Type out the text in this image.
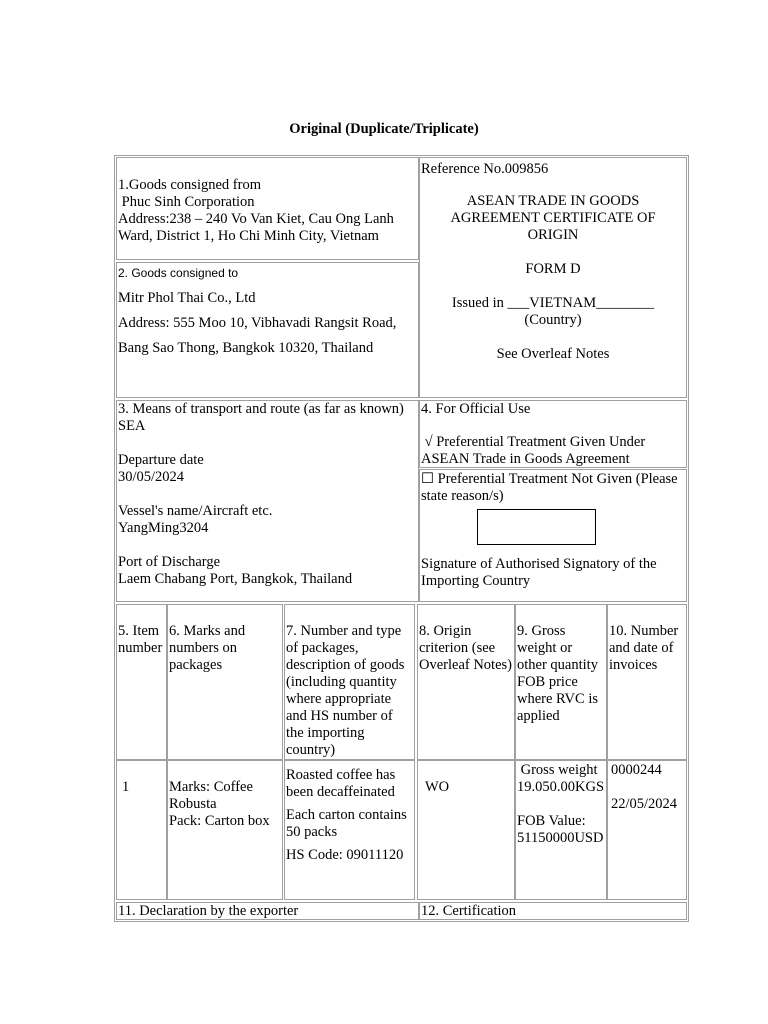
Original (Duplicate/Triplicate)
1.Goods consigned from
Phuc Sinh Corporation
Address:238 – 240 Vo Van Kiet, Cau Ong Lanh Ward, District 1, Ho Chi Minh City, Vietnam

2. Goods consigned to

Mitr Phol Thai Co., Ltd

Address: 555 Moo 10, Vibhavadi Rangsit Road,

Bang Sao Thong, Bangkok 10320, Thailand

Reference No.009856

ASEAN TRADE IN GOODS AGREEMENT CERTIFICATE OF ORIGIN

FORM D

Issued in ___VIETNAM________

(Country)

See Overleaf Notes

3. Means of transport and route (as far as known)
SEA
Departure date
30/05/2024
Vessel's name/Aircraft etc.
YangMing3204
Port of Discharge
Laem Chabang Port, Bangkok, Thailand
4. For Official Use
√ Preferential Treatment Given Under ASEAN Trade in Goods Agreement
☐ Preferential Treatment Not Given (Please state reason/s)
Signature of Authorised Signatory of the Importing Country
5. Item number
6. Marks and numbers on packages
7. Number and type of packages, description of goods (including quantity where appropriate and HS number of the importing country)
8. Origin criterion (see Overleaf Notes)
9. Gross weight or other quantity FOB price where RVC is applied
10. Number and date of invoices
1	Marks: Coffee Robusta
Pack: Carton box
Roasted coffee has been decaffeinated
Each carton contains 50 packs
HS Code: 09011120
WO
Gross weight
19.050.00KGS
FOB Value:
51150000USD
0000244
22/05/2024
11. Declaration by the exporter	12. Certification
